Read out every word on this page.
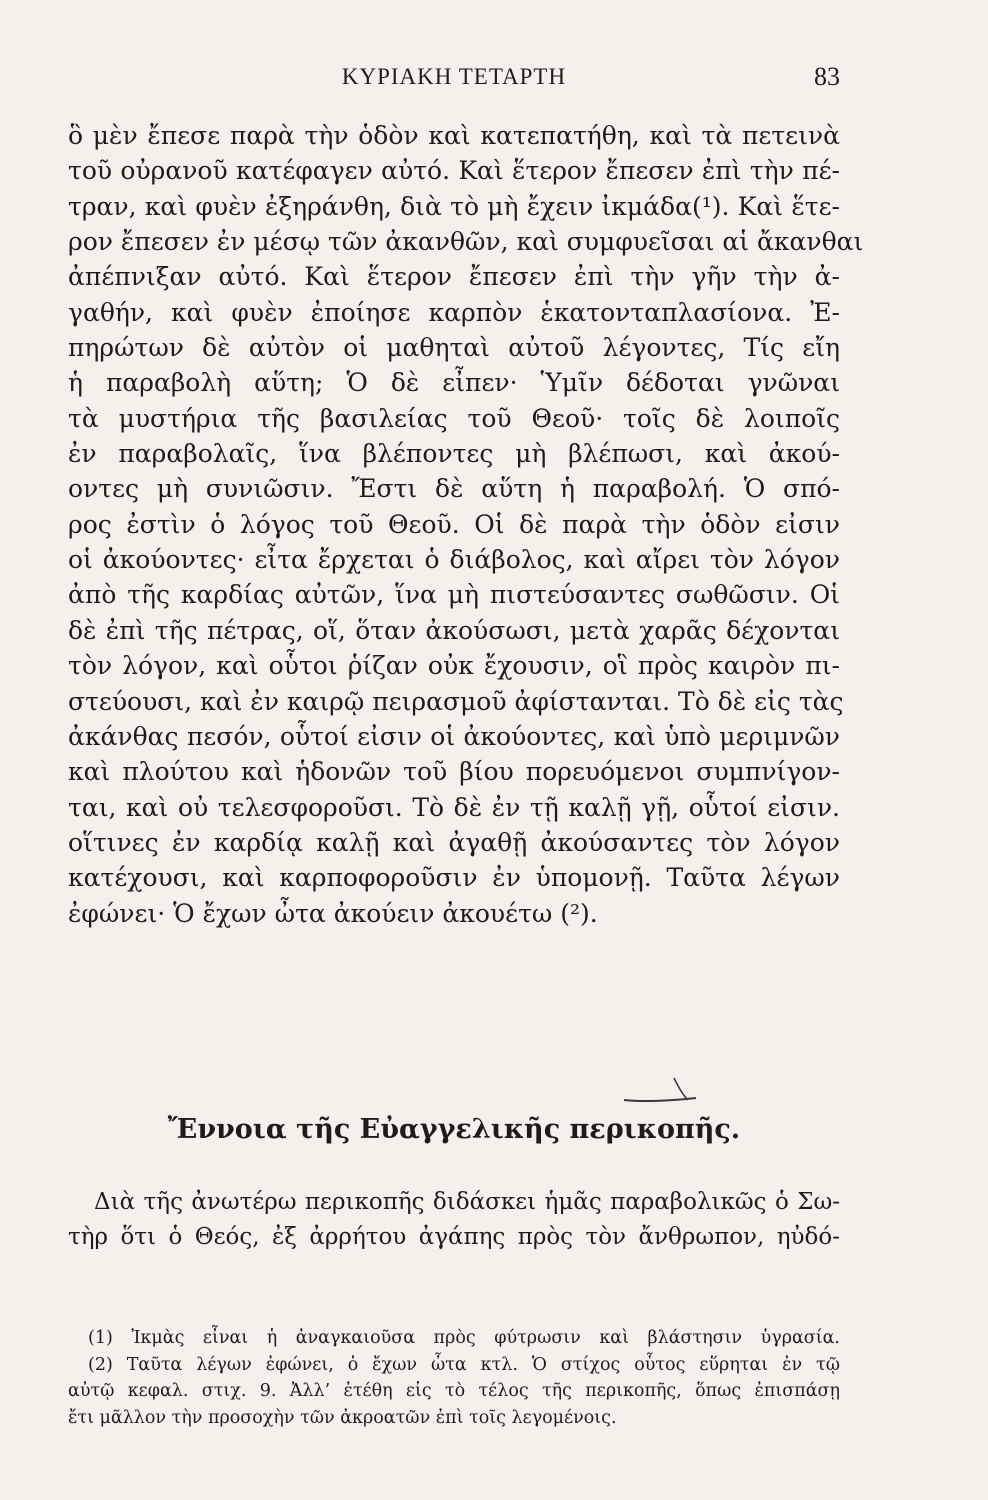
ΚΥΡΙΑΚΗ ΤΕΤΑΡΤΗ	83
ὃ μὲν ἔπεσε παρὰ τὴν ὁδὸν καὶ κατεπατήθη, καὶ τὰ πετεινὰ
τοῦ οὐρανοῦ κατέφαγεν αὐτό. Καὶ ἕτερον ἔπεσεν ἐπὶ τὴν πέ-
τραν, καὶ φυὲν ἐξηράνθη, διὰ τὸ μὴ ἔχειν ἰκμάδα(¹). Καὶ ἕτε-
ρον ἔπεσεν ἐν μέσῳ τῶν ἀκανθῶν, καὶ συμφυεῖσαι αἱ ἄκανθαι
ἀπέπνιξαν αὐτό. Καὶ ἕτερον ἔπεσεν ἐπὶ τὴν γῆν τὴν ἀ-
γαθήν, καὶ φυὲν ἐποίησε καρπὸν ἑκατονταπλασίονα. Ἐ-
πηρώτων δὲ αὐτὸν οἱ μαθηταὶ αὐτοῦ λέγοντες, Τίς εἴη
ἡ παραβολὴ αὕτη; Ὁ δὲ εἶπεν· Ὑμῖν δέδοται γνῶναι
τὰ μυστήρια τῆς βασιλείας τοῦ Θεοῦ· τοῖς δὲ λοιποῖς
ἐν παραβολαῖς, ἵνα βλέποντες μὴ βλέπωσι, καὶ ἀκού-
οντες μὴ συνιῶσιν. Ἔστι δὲ αὕτη ἡ παραβολή. Ὁ σπό-
ρος ἐστὶν ὁ λόγος τοῦ Θεοῦ. Οἱ δὲ παρὰ τὴν ὁδὸν εἰσιν
οἱ ἀκούοντες· εἶτα ἔρχεται ὁ διάβολος, καὶ αἴρει τὸν λόγον
ἀπὸ τῆς καρδίας αὐτῶν, ἵνα μὴ πιστεύσαντες σωθῶσιν. Οἱ
δὲ ἐπὶ τῆς πέτρας, οἵ, ὅταν ἀκούσωσι, μετὰ χαρᾶς δέχονται
τὸν λόγον, καὶ οὗτοι ῥίζαν οὐκ ἔχουσιν, οἳ πρὸς καιρὸν πι-
στεύουσι, καὶ ἐν καιρῷ πειρασμοῦ ἀφίστανται. Τὸ δὲ εἰς τὰς
ἀκάνθας πεσόν, οὗτοί εἰσιν οἱ ἀκούοντες, καὶ ὑπὸ μεριμνῶν
καὶ πλούτου καὶ ἡδονῶν τοῦ βίου πορευόμενοι συμπνίγον-
ται, καὶ οὐ τελεσφοροῦσι. Τὸ δὲ ἐν τῇ καλῇ γῇ, οὗτοί εἰσιν.
οἵτινες ἐν καρδίᾳ καλῇ καὶ ἀγαθῇ ἀκούσαντες τὸν λόγον
κατέχουσι, καὶ καρποφοροῦσιν ἐν ὑπομονῇ. Ταῦτα λέγων
ἐφώνει· Ὁ ἔχων ὦτα ἀκούειν ἀκουέτω (²).
Ἔννοια τῆς Εὐαγγελικῆς περικοπῆς.
Διὰ τῆς ἀνωτέρω περικοπῆς διδάσκει ἡμᾶς παραβολικῶς ὁ Σω-
τὴρ ὅτι ὁ Θεός, ἐξ ἀρρήτου ἀγάπης πρὸς τὸν ἄνθρωπον, ηὐδό-
(1) Ἰκμὰς εἶναι ἡ ἀναγκαιοῦσα πρὸς φύτρωσιν καὶ βλάστησιν ὑγρασία.
(2) Ταῦτα λέγων ἐφώνει, ὁ ἔχων ὦτα κτλ. Ὁ στίχος οὗτος εὕρηται ἐν τῷ
αὐτῷ κεφαλ. στιχ. 9. Ἀλλ’ ἐτέθη εἰς τὸ τέλος τῆς περικοπῆς, ὅπως ἐπισπάσῃ
ἔτι μᾶλλον τὴν προσοχὴν τῶν ἀκροατῶν ἐπὶ τοῖς λεγομένοις.
